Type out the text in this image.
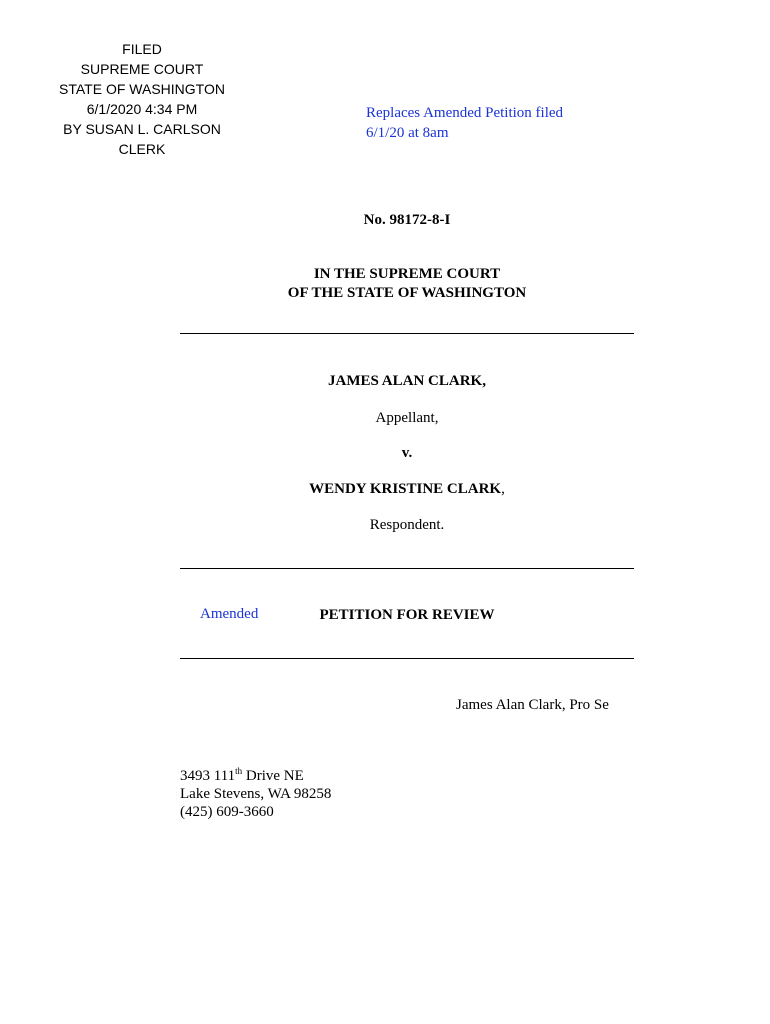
FILED
SUPREME COURT
STATE OF WASHINGTON
6/1/2020 4:34 PM
BY SUSAN L. CARLSON
CLERK
Replaces Amended Petition filed
6/1/20 at 8am
No. 98172-8-I
IN THE SUPREME COURT
OF THE STATE OF WASHINGTON
JAMES ALAN CLARK,
Appellant,
v.
WENDY KRISTINE CLARK,
Respondent.
Amended	PETITION FOR REVIEW
James Alan Clark, Pro Se
3493 111th Drive NE
Lake Stevens, WA 98258
(425) 609-3660
